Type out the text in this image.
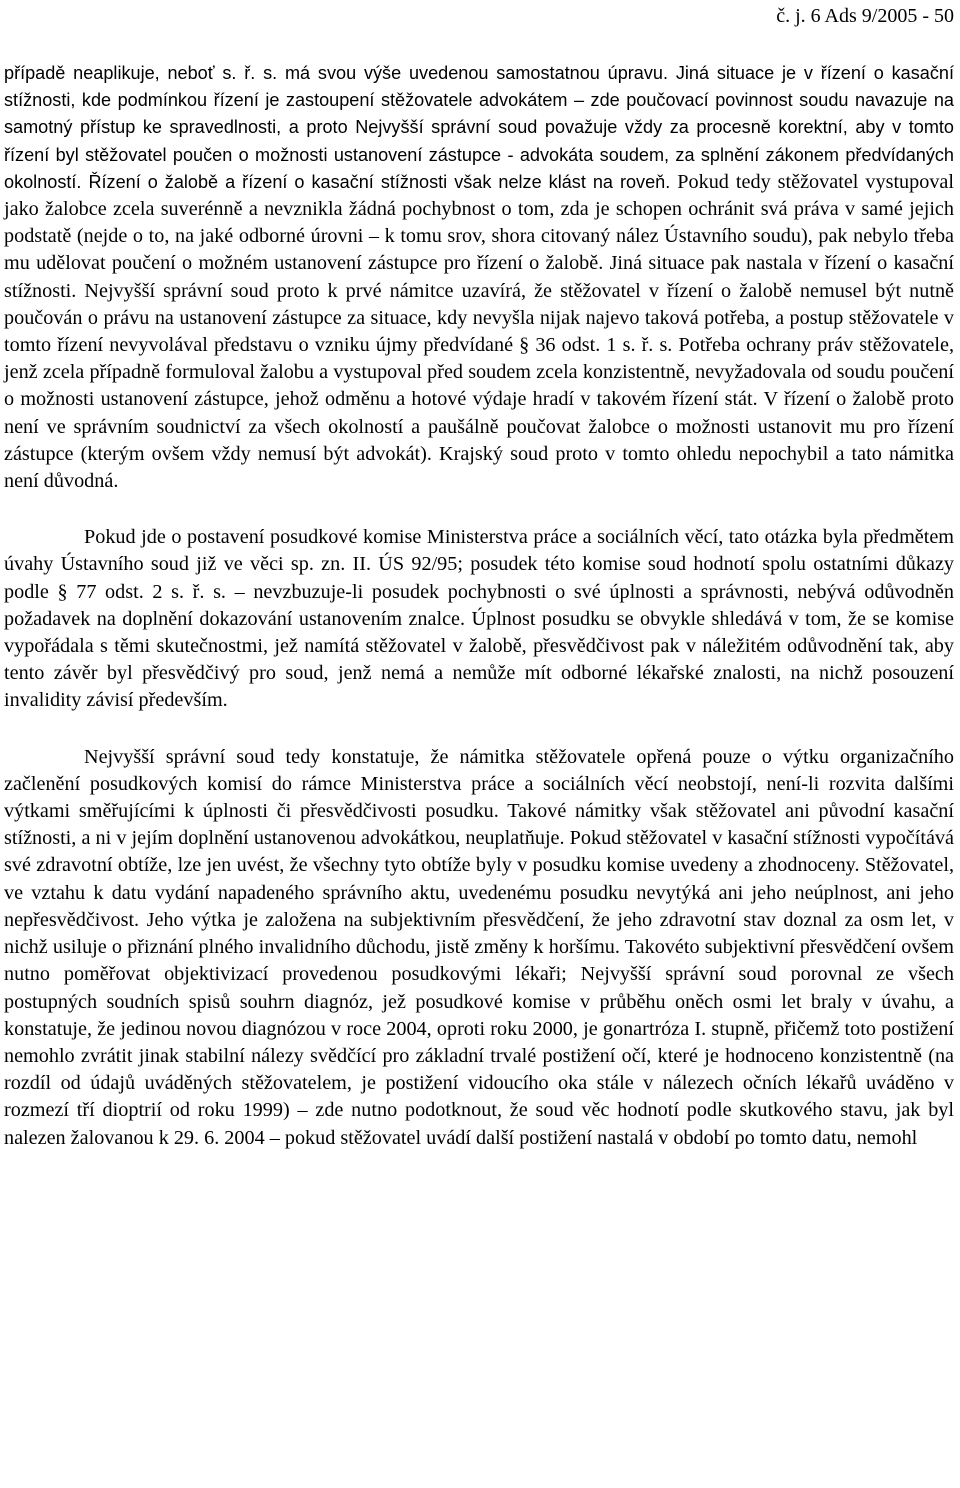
č. j. 6 Ads 9/2005 - 50

případě neaplikuje, neboť s. ř. s. má svou výše uvedenou samostatnou úpravu. Jiná situace je v řízení o kasační stížnosti, kde podmínkou řízení je zastoupení stěžovatele advokátem – zde poučovací povinnost soudu navazuje na samotný přístup ke spravedlnosti, a proto Nejvyšší správní soud považuje vždy za procesně korektní, aby v tomto řízení byl stěžovatel poučen o možnosti ustanovení zástupce - advokáta soudem, za splnění zákonem předvídaných okolností. Řízení o žalobě a řízení o kasační stížnosti však nelze klást na roveň. Pokud tedy stěžovatel vystupoval jako žalobce zcela suverénně a nevznikla žádná pochybnost o tom, zda je schopen ochránit svá práva v samé jejich podstatě (nejde o to, na jaké odborné úrovni – k tomu srov, shora citovaný nález Ústavního soudu), pak nebylo třeba mu udělovat poučení o možném ustanovení zástupce pro řízení o žalobě. Jiná situace pak nastala v řízení o kasační stížnosti. Nejvyšší správní soud proto k prvé námitce uzavírá, že stěžovatel v řízení o žalobě nemusel být nutně poučován o právu na ustanovení zástupce za situace, kdy nevyšla nijak najevo taková potřeba, a postup stěžovatele v tomto řízení nevyvolával představu o vzniku újmy předvídané § 36 odst. 1 s. ř. s. Potřeba ochrany práv stěžovatele, jenž zcela případně formuloval žalobu a vystupoval před soudem zcela konzistentně, nevyžadovala od soudu poučení o možnosti ustanovení zástupce, jehož odměnu a hotové výdaje hradí v takovém řízení stát. V řízení o žalobě proto není ve správním soudnictví za všech okolností a paušálně poučovat žalobce o možnosti ustanovit mu pro řízení zástupce (kterým ovšem vždy nemusí být advokát). Krajský soud proto v tomto ohledu nepochybil a tato námitka není důvodná.

Pokud jde o postavení posudkové komise Ministerstva práce a sociálních věcí, tato otázka byla předmětem úvahy Ústavního soud již ve věci sp. zn. II. ÚS 92/95; posudek této komise soud hodnotí spolu ostatními důkazy podle § 77 odst. 2 s. ř. s. – nevzbuzuje-li posudek pochybnosti o své úplnosti a správnosti, nebývá odůvodněn požadavek na doplnění dokazování ustanovením znalce. Úplnost posudku se obvykle shledává v tom, že se komise vypořádala s těmi skutečnostmi, jež namítá stěžovatel v žalobě, přesvědčivost pak v náležitém odůvodnění tak, aby tento závěr byl přesvědčivý pro soud, jenž nemá a nemůže mít odborné lékařské znalosti, na nichž posouzení invalidity závisí především.

Nejvyšší správní soud tedy konstatuje, že námitka stěžovatele opřená pouze o výtku organizačního začlenění posudkových komisí do rámce Ministerstva práce a sociálních věcí neobstojí, není-li rozvita dalšími výtkami směřujícími k úplnosti či přesvědčivosti posudku. Takové námitky však stěžovatel ani původní kasační stížnosti, a ni v jejím doplnění ustanovenou advokátkou, neuplatňuje. Pokud stěžovatel v kasační stížnosti vypočítává své zdravotní obtíže, lze jen uvést, že všechny tyto obtíže byly v posudku komise uvedeny a zhodnoceny. Stěžovatel, ve vztahu k datu vydání napadeného správního aktu, uvedenému posudku nevytýká ani jeho neúplnost, ani jeho nepřesvědčivost. Jeho výtka je založena na subjektivním přesvědčení, že jeho zdravotní stav doznal za osm let, v nichž usiluje o přiznání plného invalidního důchodu, jistě změny k horšímu. Takovéto subjektivní přesvědčení ovšem nutno poměřovat objektivizací provedenou posudkovými lékaři; Nejvyšší správní soud porovnal ze všech postupných soudních spisů souhrn diagnóz, jež posudkové komise v průběhu oněch osmi let braly v úvahu, a konstatuje, že jedinou novou diagnózou v roce 2004, oproti roku 2000, je gonartróza I. stupně, přičemž toto postižení nemohlo zvrátit jinak stabilní nálezy svědčící pro základní trvalé postižení očí, které je hodnoceno konzistentně (na rozdíl od údajů uváděných stěžovatelem, je postižení vidoucího oka stále v nálezech očních lékařů uváděno v rozmezí tří dioptrií od roku 1999) – zde nutno podotknout, že soud věc hodnotí podle skutkového stavu, jak byl nalezen žalovanou k 29. 6. 2004 – pokud stěžovatel uvádí další postižení nastalá v období po tomto datu, nemohl
